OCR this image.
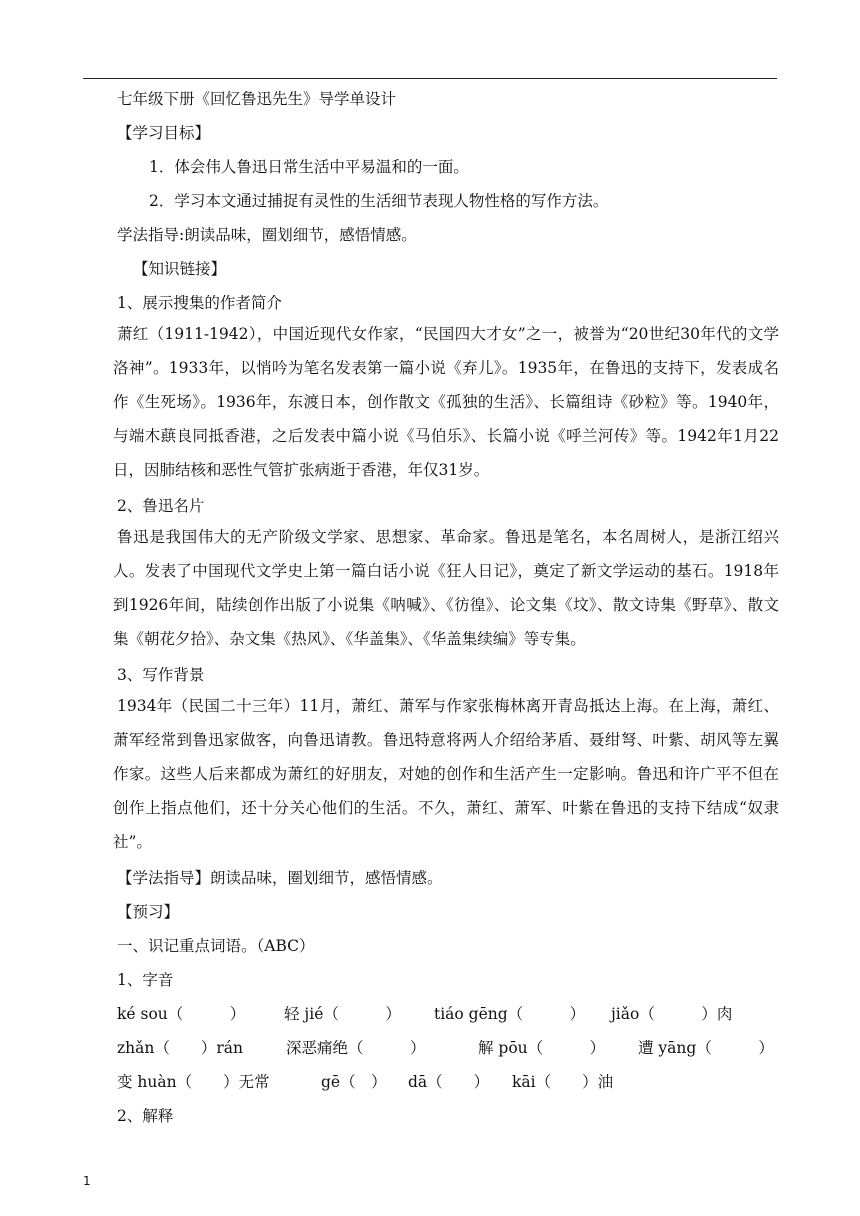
七年级下册《回忆鲁迅先生》导学单设计
【学习目标】
1．体会伟人鲁迅日常生活中平易温和的一面。
2．学习本文通过捕捉有灵性的生活细节表现人物性格的写作方法。
学法指导:朗读品味，圈划细节，感悟情感。
【知识链接】
1、展示搜集的作者简介
萧红（1911-1942），中国近现代女作家，“民国四大才女”之一，被誉为“20世纪30年代的文学洛神”。1933年，以悄吟为笔名发表第一篇小说《弃儿》。1935年，在鲁迅的支持下，发表成名作《生死场》。1936年，东渡日本，创作散文《孤独的生活》、长篇组诗《砂粒》等。1940年，与端木蕻良同抵香港，之后发表中篇小说《马伯乐》、长篇小说《呼兰河传》等。1942年1月22日，因肺结核和恶性气管扩张病逝于香港，年仅31岁。
2、鲁迅名片
鲁迅是我国伟大的无产阶级文学家、思想家、革命家。鲁迅是笔名，本名周树人，是浙江绍兴人。发表了中国现代文学史上第一篇白话小说《狂人日记》，奠定了新文学运动的基石。1918年到1926年间，陆续创作出版了小说集《呐喊》、《彷徨》、论文集《坟》、散文诗集《野草》、散文集《朝花夕拾》、杂文集《热风》、《华盖集》、《华盖集续编》等专集。
3、写作背景
1934年（民国二十三年）11月，萧红、萧军与作家张梅林离开青岛抵达上海。在上海，萧红、萧军经常到鲁迅家做客，向鲁迅请教。鲁迅特意将两人介绍给茅盾、聂绀弩、叶紫、胡风等左翼作家。这些人后来都成为萧红的好朋友，对她的创作和生活产生一定影响。鲁迅和许广平不但在创作上指点他们，还十分关心他们的生活。不久，萧红、萧军、叶紫在鲁迅的支持下结成“奴隶社”。
【学法指导】朗读品味，圈划细节，感悟情感。
【预习】
一、识记重点词语。（ABC）
1、字音
ké sou（　　　） 轻 jié（　　　） tiáo gēng（　　　） jiǎo（　　　）肉
zhǎn（　　）rán	深恶痛绝（　　　）	解 pōu（　　　） 遭 yāng（　　　）
变 huàn（　　）无常	gē（　） dā（　　） kāi（　　）油
2、解释
1
